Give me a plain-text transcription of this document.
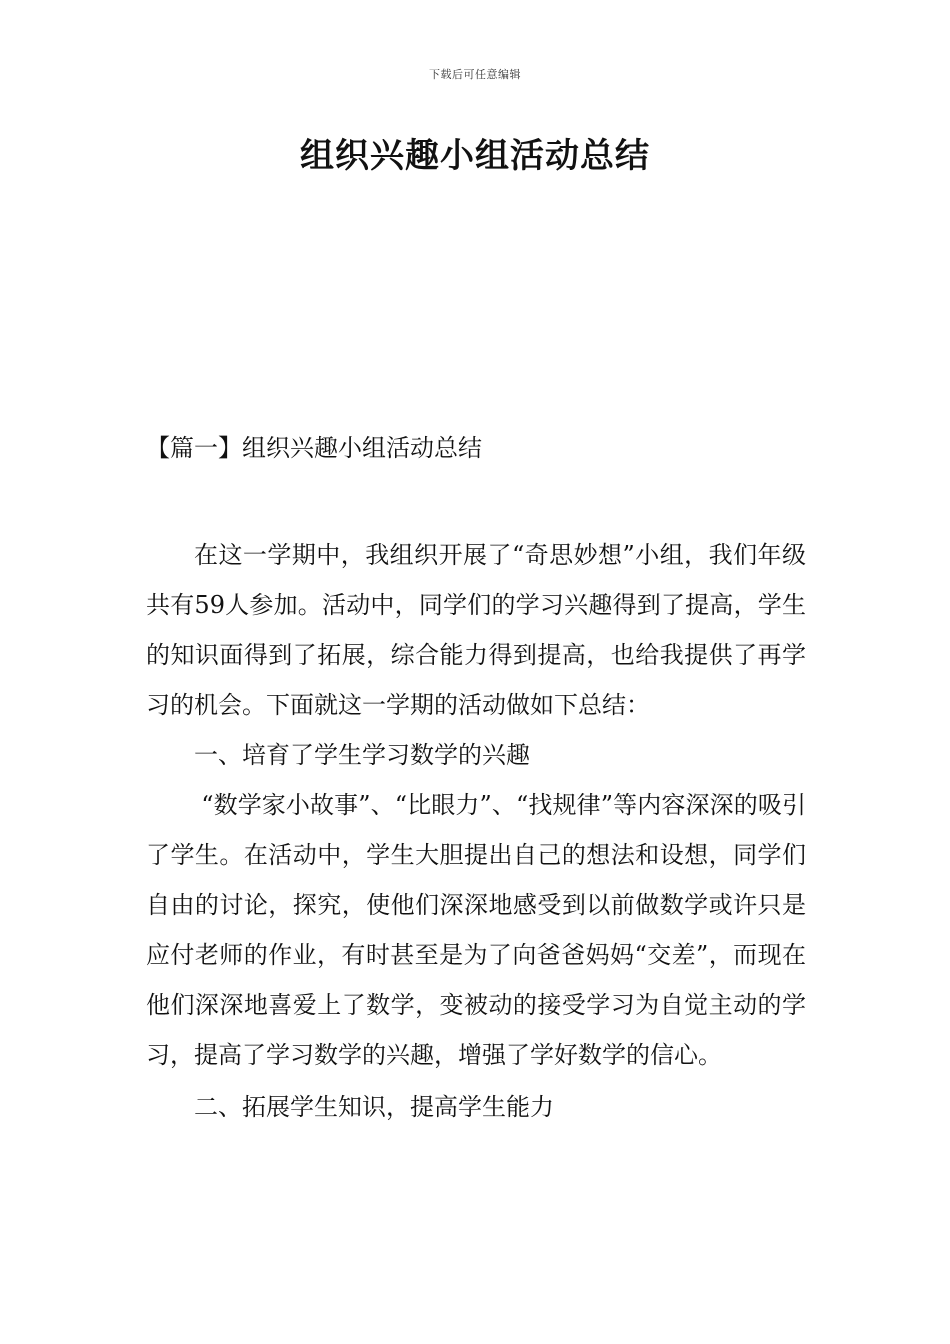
下载后可任意编辑
组织兴趣小组活动总结
【篇一】组织兴趣小组活动总结

在这一学期中，我组织开展了“奇思妙想”小组，我们年级共有59人参加。活动中，同学们的学习兴趣得到了提高，学生的知识面得到了拓展，综合能力得到提高，也给我提供了再学习的机会。下面就这一学期的活动做如下总结：

一、培育了学生学习数学的兴趣

“数学家小故事”、“比眼力”、“找规律”等内容深深的吸引了学生。在活动中，学生大胆提出自己的想法和设想，同学们自由的讨论，探究，使他们深深地感受到以前做数学或许只是应付老师的作业，有时甚至是为了向爸爸妈妈“交差”，而现在他们深深地喜爱上了数学，变被动的接受学习为自觉主动的学习，提高了学习数学的兴趣，增强了学好数学的信心。

二、拓展学生知识，提高学生能力
